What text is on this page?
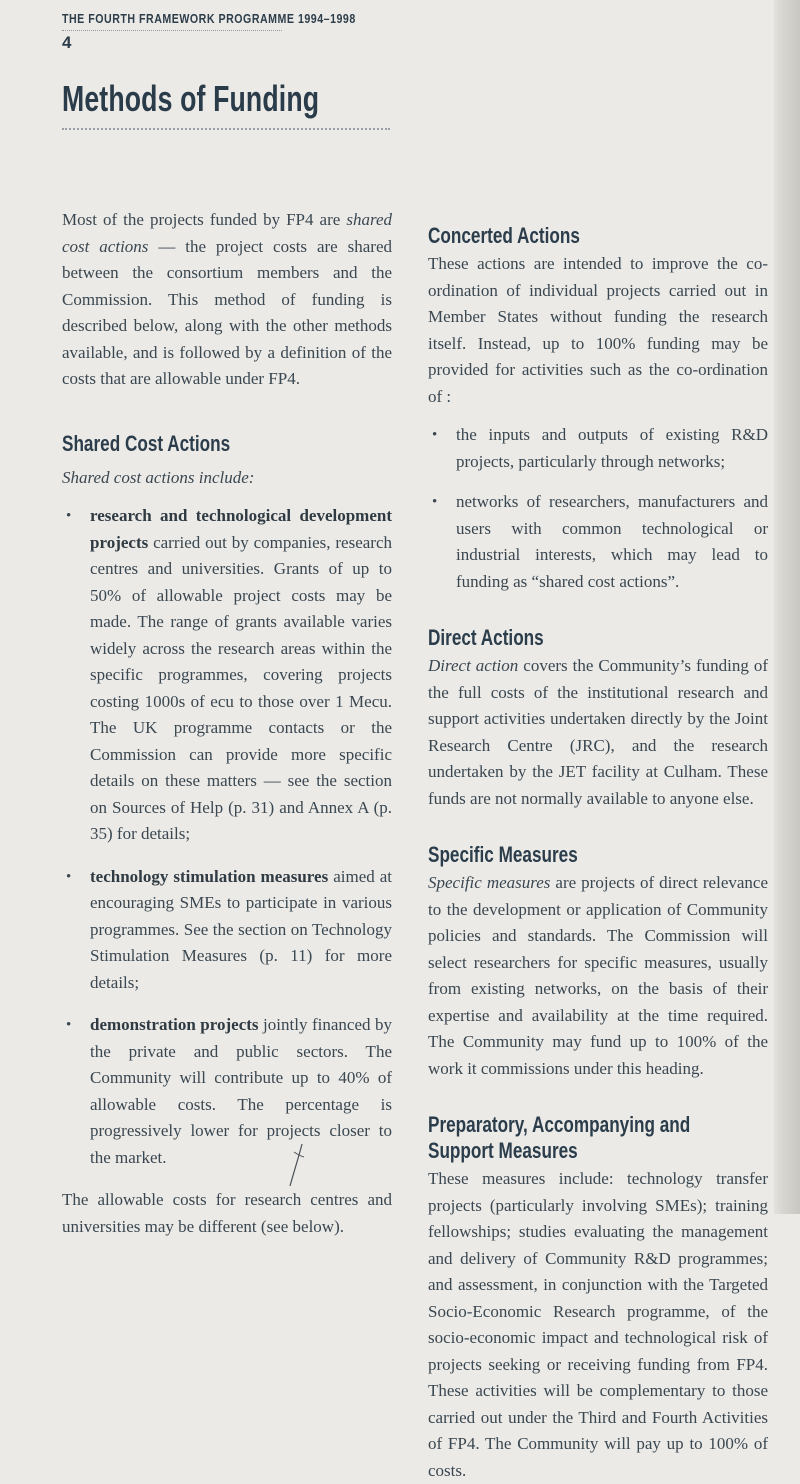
THE FOURTH FRAMEWORK PROGRAMME 1994–1998
4
Methods of Funding

Most of the projects funded by FP4 are shared cost actions — the project costs are shared between the consortium members and the Commission. This method of funding is described below, along with the other methods available, and is followed by a definition of the costs that are allowable under FP4.

Shared Cost Actions

Shared cost actions include:

• research and technological development projects carried out by companies, research centres and universities. Grants of up to 50% of allowable project costs may be made. The range of grants available varies widely across the research areas within the specific programmes, covering projects costing 1000s of ecu to those over 1 Mecu. The UK programme contacts or the Commission can provide more specific details on these matters — see the section on Sources of Help (p. 31) and Annex A (p. 35) for details;

• technology stimulation measures aimed at encouraging SMEs to participate in various programmes. See the section on Technology Stimulation Measures (p. 11) for more details;

• demonstration projects jointly financed by the private and public sectors. The Community will contribute up to 40% of allowable costs. The percentage is progressively lower for projects closer to the market.

The allowable costs for research centres and universities may be different (see below).

Concerted Actions

These actions are intended to improve the co-ordination of individual projects carried out in Member States without funding the research itself. Instead, up to 100% funding may be provided for activities such as the co-ordination of :

• the inputs and outputs of existing R&D projects, particularly through networks;

• networks of researchers, manufacturers and users with common technological or industrial interests, which may lead to funding as “shared cost actions”.

Direct Actions

Direct action covers the Community’s funding of the full costs of the institutional research and support activities undertaken directly by the Joint Research Centre (JRC), and the research undertaken by the JET facility at Culham. These funds are not normally available to anyone else.

Specific Measures

Specific measures are projects of direct relevance to the development or application of Community policies and standards. The Commission will select researchers for specific measures, usually from existing networks, on the basis of their expertise and availability at the time required. The Community may fund up to 100% of the work it commissions under this heading.

Preparatory, Accompanying and
Support Measures

These measures include: technology transfer projects (particularly involving SMEs); training fellowships; studies evaluating the management and delivery of Community R&D programmes; and assessment, in conjunction with the Targeted Socio-Economic Research programme, of the socio-economic impact and technological risk of projects seeking or receiving funding from FP4. These activities will be complementary to those carried out under the Third and Fourth Activities of FP4. The Community will pay up to 100% of costs.
